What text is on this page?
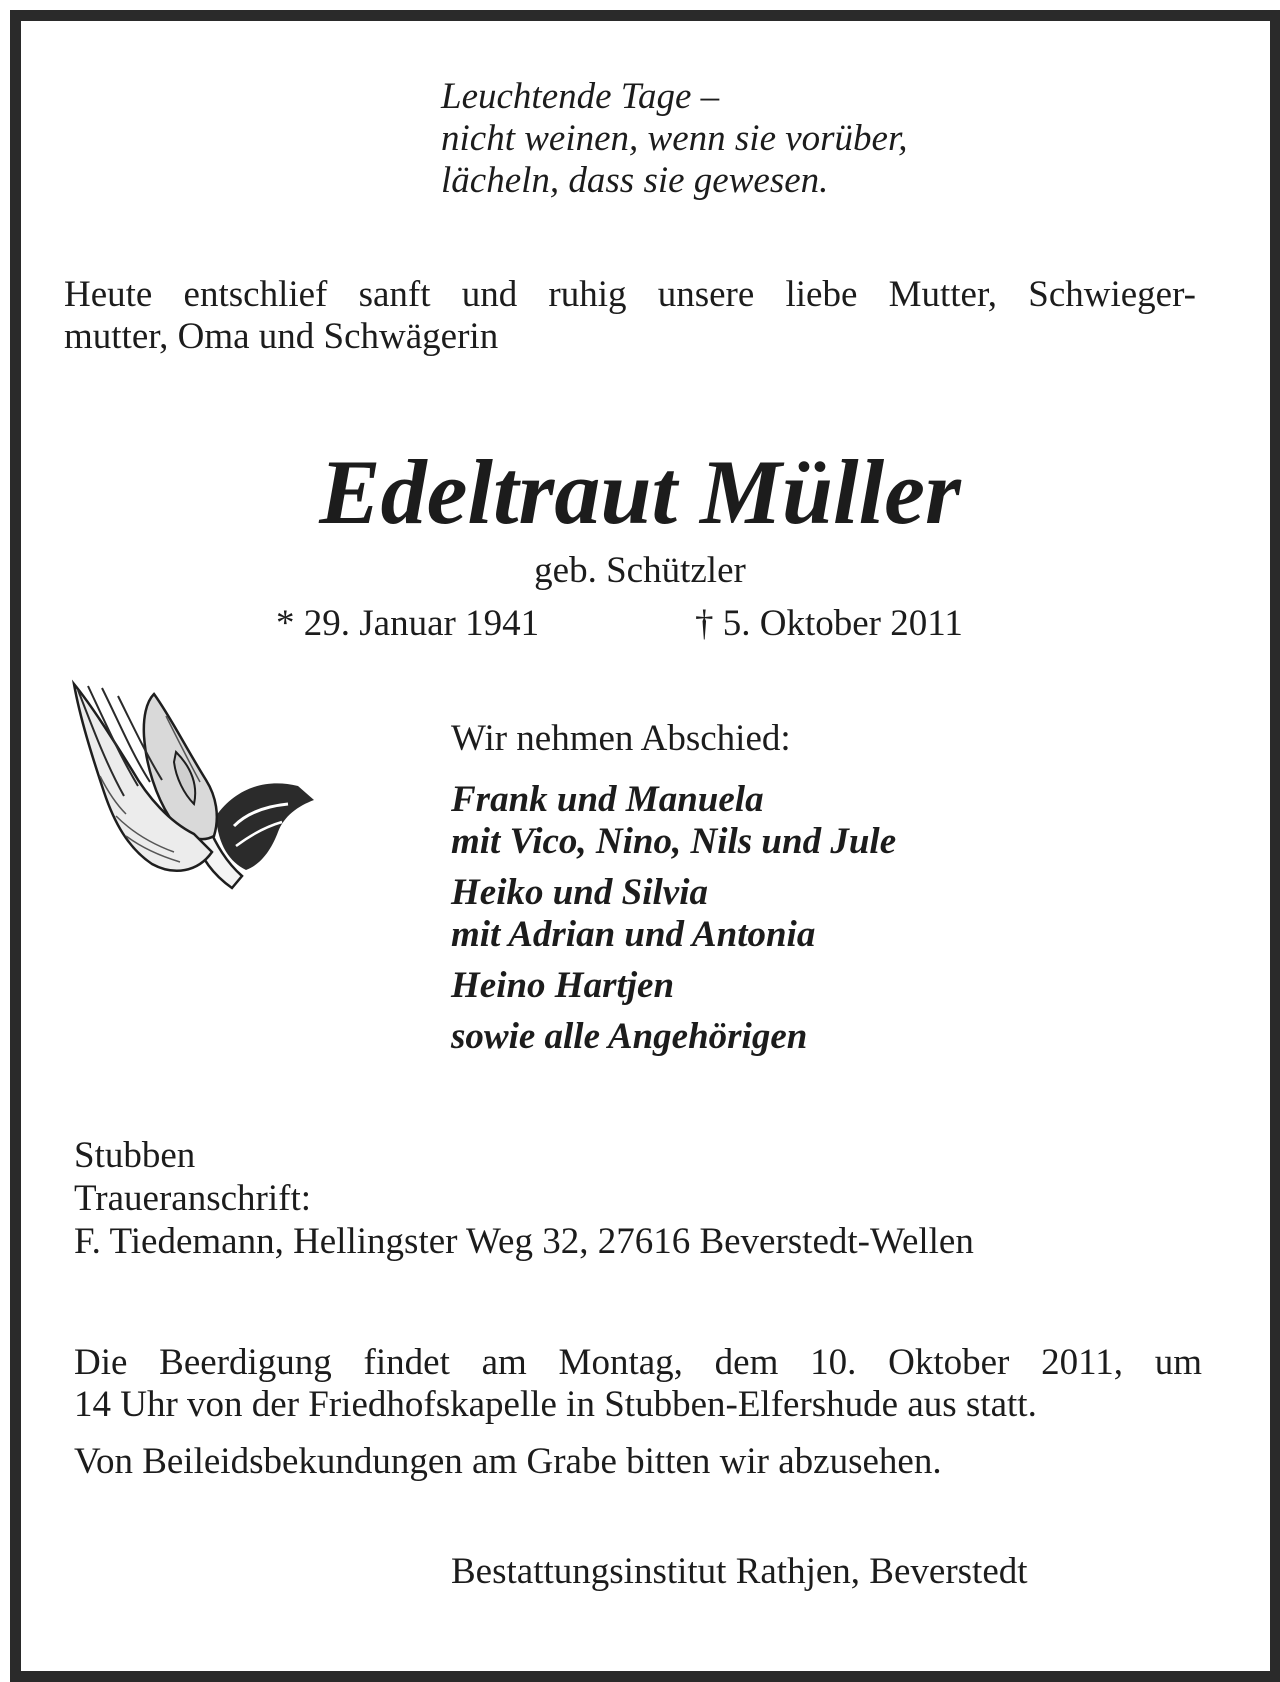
Leuchtende Tage –
nicht weinen, wenn sie vorüber,
lächeln, dass sie gewesen.
Heute entschlief sanft und ruhig unsere liebe Mutter, Schwieger-
mutter, Oma und Schwägerin
Edeltraut Müller
geb. Schützler
* 29. Januar 1941	† 5. Oktober 2011
Wir nehmen Abschied:
Frank und Manuela
mit Vico, Nino, Nils und Jule
Heiko und Silvia
mit Adrian und Antonia
Heino Hartjen
sowie alle Angehörigen
Stubben
Traueranschrift:
F. Tiedemann, Hellingster Weg 32, 27616 Beverstedt-Wellen
Die Beerdigung findet am Montag, dem 10. Oktober 2011, um
14 Uhr von der Friedhofskapelle in Stubben-Elfershude aus statt.
Von Beileidsbekundungen am Grabe bitten wir abzusehen.
Bestattungsinstitut Rathjen, Beverstedt
